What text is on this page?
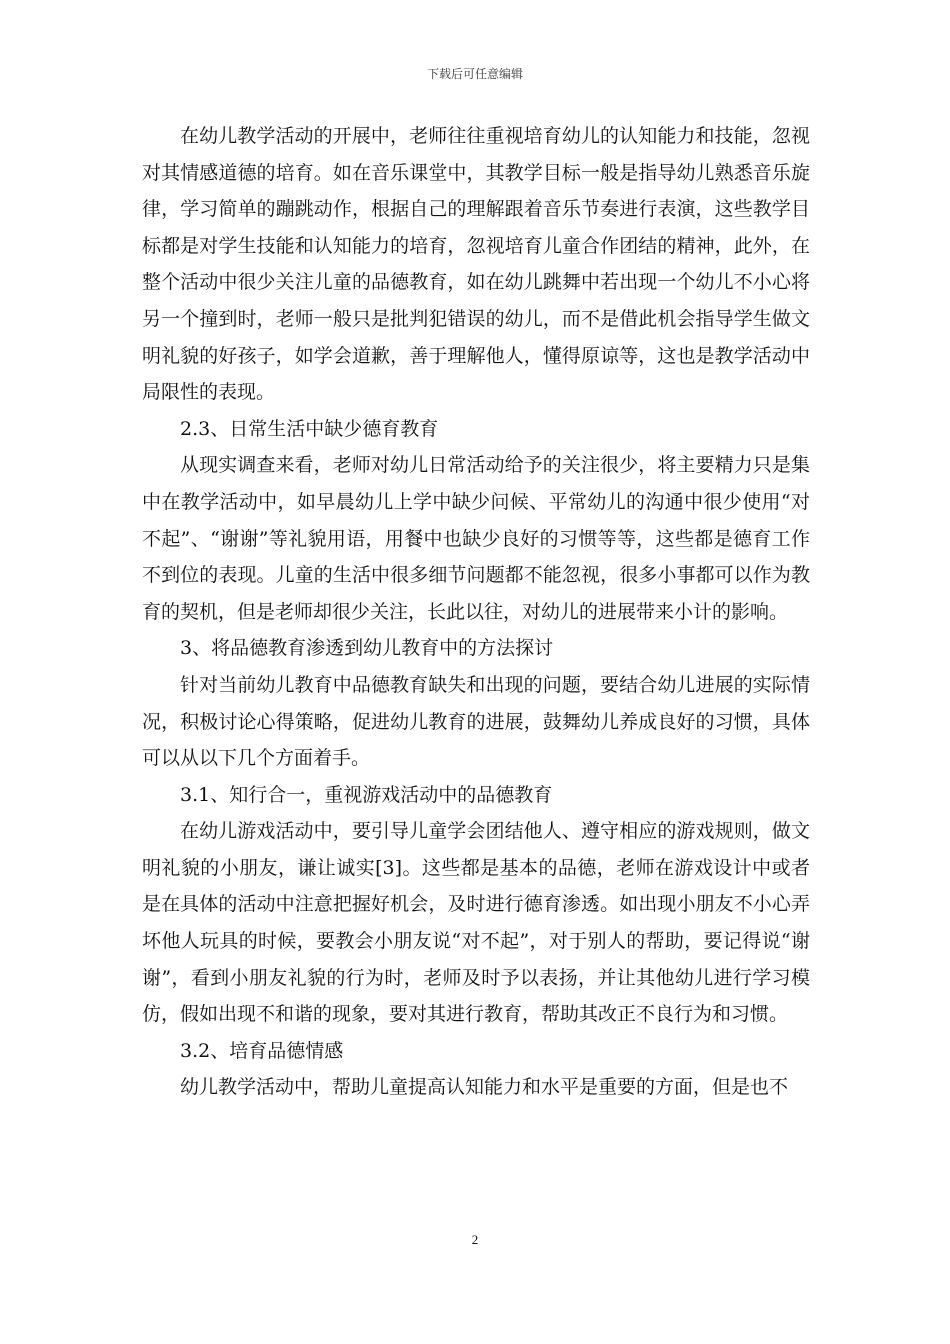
下载后可任意编辑

在幼儿教学活动的开展中，老师往往重视培育幼儿的认知能力和技能，忽视对其情感道德的培育。如在音乐课堂中，其教学目标一般是指导幼儿熟悉音乐旋律，学习简单的蹦跳动作，根据自己的理解跟着音乐节奏进行表演，这些教学目标都是对学生技能和认知能力的培育，忽视培育儿童合作团结的精神，此外，在整个活动中很少关注儿童的品德教育，如在幼儿跳舞中若出现一个幼儿不小心将另一个撞到时，老师一般只是批判犯错误的幼儿，而不是借此机会指导学生做文明礼貌的好孩子，如学会道歉，善于理解他人，懂得原谅等，这也是教学活动中局限性的表现。

2.3、日常生活中缺少德育教育

从现实调查来看，老师对幼儿日常活动给予的关注很少，将主要精力只是集中在教学活动中，如早晨幼儿上学中缺少问候、平常幼儿的沟通中很少使用“对不起”、“谢谢”等礼貌用语，用餐中也缺少良好的习惯等等，这些都是德育工作不到位的表现。儿童的生活中很多细节问题都不能忽视，很多小事都可以作为教育的契机，但是老师却很少关注，长此以往，对幼儿的进展带来小计的影响。

3、将品德教育渗透到幼儿教育中的方法探讨

针对当前幼儿教育中品德教育缺失和出现的问题，要结合幼儿进展的实际情况，积极讨论心得策略，促进幼儿教育的进展，鼓舞幼儿养成良好的习惯，具体可以从以下几个方面着手。

3.1、知行合一，重视游戏活动中的品德教育

在幼儿游戏活动中，要引导儿童学会团结他人、遵守相应的游戏规则，做文明礼貌的小朋友，谦让诚实[3]。这些都是基本的品德，老师在游戏设计中或者是在具体的活动中注意把握好机会，及时进行德育渗透。如出现小朋友不小心弄坏他人玩具的时候，要教会小朋友说“对不起”，对于别人的帮助，要记得说“谢谢”，看到小朋友礼貌的行为时，老师及时予以表扬，并让其他幼儿进行学习模仿，假如出现不和谐的现象，要对其进行教育，帮助其改正不良行为和习惯。

3.2、培育品德情感

幼儿教学活动中，帮助儿童提高认知能力和水平是重要的方面，但是也不

2
